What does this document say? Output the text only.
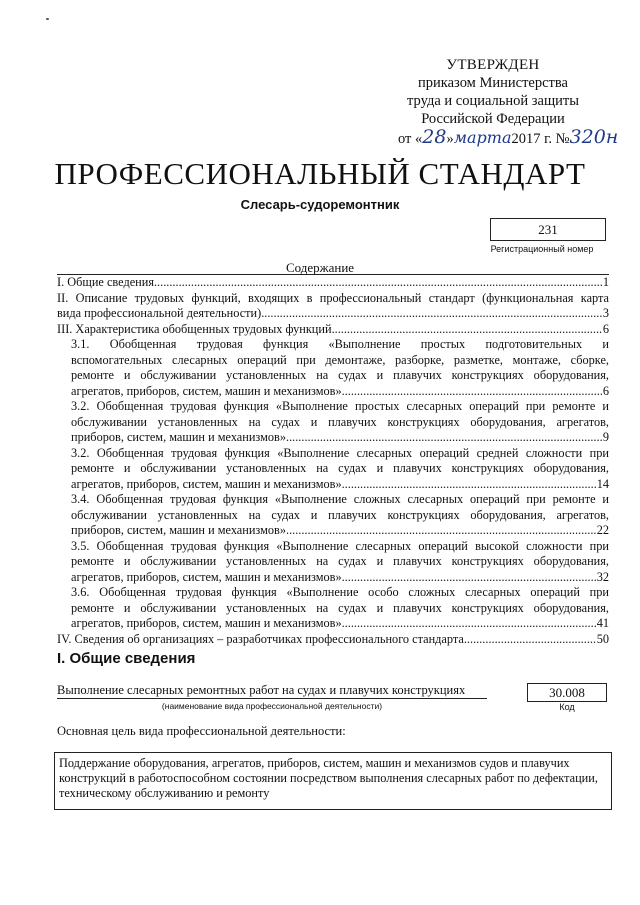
УТВЕРЖДЕН
приказом Министерства
труда и социальной защиты
Российской Федерации
от «28»марта2017 г. №320н
ПРОФЕССИОНАЛЬНЫЙ СТАНДАРТ
Слесарь-судоремонтник
231
Регистрационный номер
Содержание
I. Общие сведения .....	1
II. Описание трудовых функций, входящих в профессиональный стандарт (функциональная карта
вида профессиональной деятельности) .....	3
III. Характеристика обобщенных трудовых функций .....	6
3.1. Обобщенная трудовая функция «Выполнение простых подготовительных и
вспомогательных слесарных операций при демонтаже, разборке, разметке, монтаже, сборке,
ремонте и обслуживании установленных на судах и плавучих конструкциях оборудования,
агрегатов, приборов, систем, машин и механизмов» .....	6
3.2. Обобщенная трудовая функция «Выполнение простых слесарных операций при ремонте и
обслуживании установленных на судах и плавучих конструкциях оборудования, агрегатов,
приборов, систем, машин и механизмов» .....	9
3.2. Обобщенная трудовая функция «Выполнение слесарных операций средней сложности при
ремонте и обслуживании установленных на судах и плавучих конструкциях оборудования,
агрегатов, приборов, систем, машин и механизмов» .....	14
3.4. Обобщенная трудовая функция «Выполнение сложных слесарных операций при ремонте и
обслуживании установленных на судах и плавучих конструкциях оборудования, агрегатов,
приборов, систем, машин и механизмов» .....	22
3.5. Обобщенная трудовая функция «Выполнение слесарных операций высокой сложности при
ремонте и обслуживании установленных на судах и плавучих конструкциях оборудования,
агрегатов, приборов, систем, машин и механизмов» .....	32
3.6. Обобщенная трудовая функция «Выполнение особо сложных слесарных операций при
ремонте и обслуживании установленных на судах и плавучих конструкциях оборудования,
агрегатов, приборов, систем, машин и механизмов» .....	41
IV. Сведения об организациях – разработчиках профессионального стандарта .....	50
I. Общие сведения
Выполнение слесарных ремонтных работ на судах и плавучих конструкциях
(наименование вида профессиональной деятельности)
30.008
Код
Основная цель вида профессиональной деятельности:
Поддержание оборудования, агрегатов, приборов, систем, машин и механизмов судов и плавучих конструкций в работоспособном состоянии посредством выполнения слесарных работ по дефектации, техническому обслуживанию и ремонту
